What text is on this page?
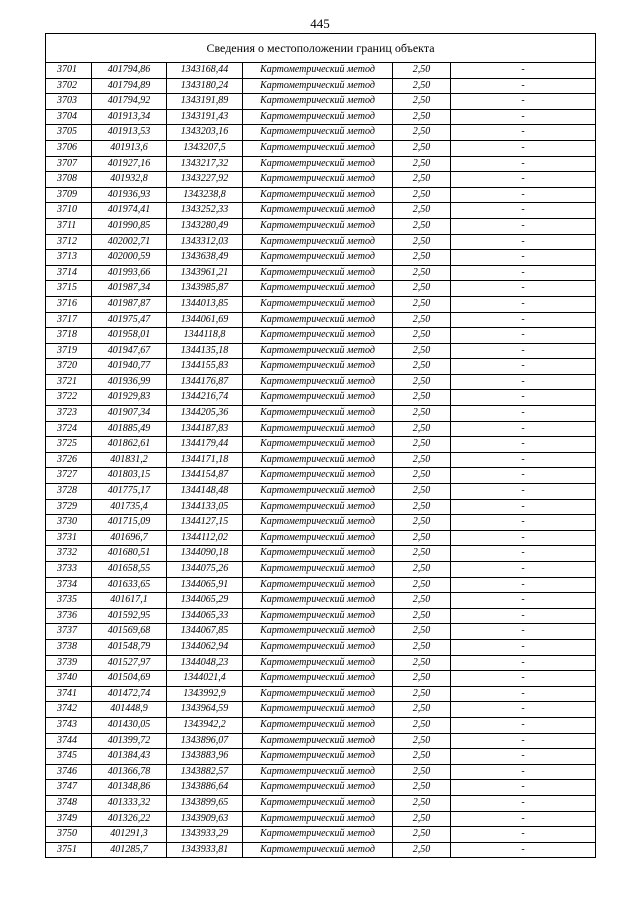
445
Сведения о местоположении границ объекта					
3701	401794,86	1343168,44	Картометрический метод	2,50	-
3702	401794,89	1343180,24	Картометрический метод	2,50	-
3703	401794,92	1343191,89	Картометрический метод	2,50	-
3704	401913,34	1343191,43	Картометрический метод	2,50	-
3705	401913,53	1343203,16	Картометрический метод	2,50	-
3706	401913,6	1343207,5	Картометрический метод	2,50	-
3707	401927,16	1343217,32	Картометрический метод	2,50	-
3708	401932,8	1343227,92	Картометрический метод	2,50	-
3709	401936,93	1343238,8	Картометрический метод	2,50	-
3710	401974,41	1343252,33	Картометрический метод	2,50	-
3711	401990,85	1343280,49	Картометрический метод	2,50	-
3712	402002,71	1343312,03	Картометрический метод	2,50	-
3713	402000,59	1343638,49	Картометрический метод	2,50	-
3714	401993,66	1343961,21	Картометрический метод	2,50	-
3715	401987,34	1343985,87	Картометрический метод	2,50	-
3716	401987,87	1344013,85	Картометрический метод	2,50	-
3717	401975,47	1344061,69	Картометрический метод	2,50	-
3718	401958,01	1344118,8	Картометрический метод	2,50	-
3719	401947,67	1344135,18	Картометрический метод	2,50	-
3720	401940,77	1344155,83	Картометрический метод	2,50	-
3721	401936,99	1344176,87	Картометрический метод	2,50	-
3722	401929,83	1344216,74	Картометрический метод	2,50	-
3723	401907,34	1344205,36	Картометрический метод	2,50	-
3724	401885,49	1344187,83	Картометрический метод	2,50	-
3725	401862,61	1344179,44	Картометрический метод	2,50	-
3726	401831,2	1344171,18	Картометрический метод	2,50	-
3727	401803,15	1344154,87	Картометрический метод	2,50	-
3728	401775,17	1344148,48	Картометрический метод	2,50	-
3729	401735,4	1344133,05	Картометрический метод	2,50	-
3730	401715,09	1344127,15	Картометрический метод	2,50	-
3731	401696,7	1344112,02	Картометрический метод	2,50	-
3732	401680,51	1344090,18	Картометрический метод	2,50	-
3733	401658,55	1344075,26	Картометрический метод	2,50	-
3734	401633,65	1344065,91	Картометрический метод	2,50	-
3735	401617,1	1344065,29	Картометрический метод	2,50	-
3736	401592,95	1344065,33	Картометрический метод	2,50	-
3737	401569,68	1344067,85	Картометрический метод	2,50	-
3738	401548,79	1344062,94	Картометрический метод	2,50	-
3739	401527,97	1344048,23	Картометрический метод	2,50	-
3740	401504,69	1344021,4	Картометрический метод	2,50	-
3741	401472,74	1343992,9	Картометрический метод	2,50	-
3742	401448,9	1343964,59	Картометрический метод	2,50	-
3743	401430,05	1343942,2	Картометрический метод	2,50	-
3744	401399,72	1343896,07	Картометрический метод	2,50	-
3745	401384,43	1343883,96	Картометрический метод	2,50	-
3746	401366,78	1343882,57	Картометрический метод	2,50	-
3747	401348,86	1343886,64	Картометрический метод	2,50	-
3748	401333,32	1343899,65	Картометрический метод	2,50	-
3749	401326,22	1343909,63	Картометрический метод	2,50	-
3750	401291,3	1343933,29	Картометрический метод	2,50	-
3751	401285,7	1343933,81	Картометрический метод	2,50	-
